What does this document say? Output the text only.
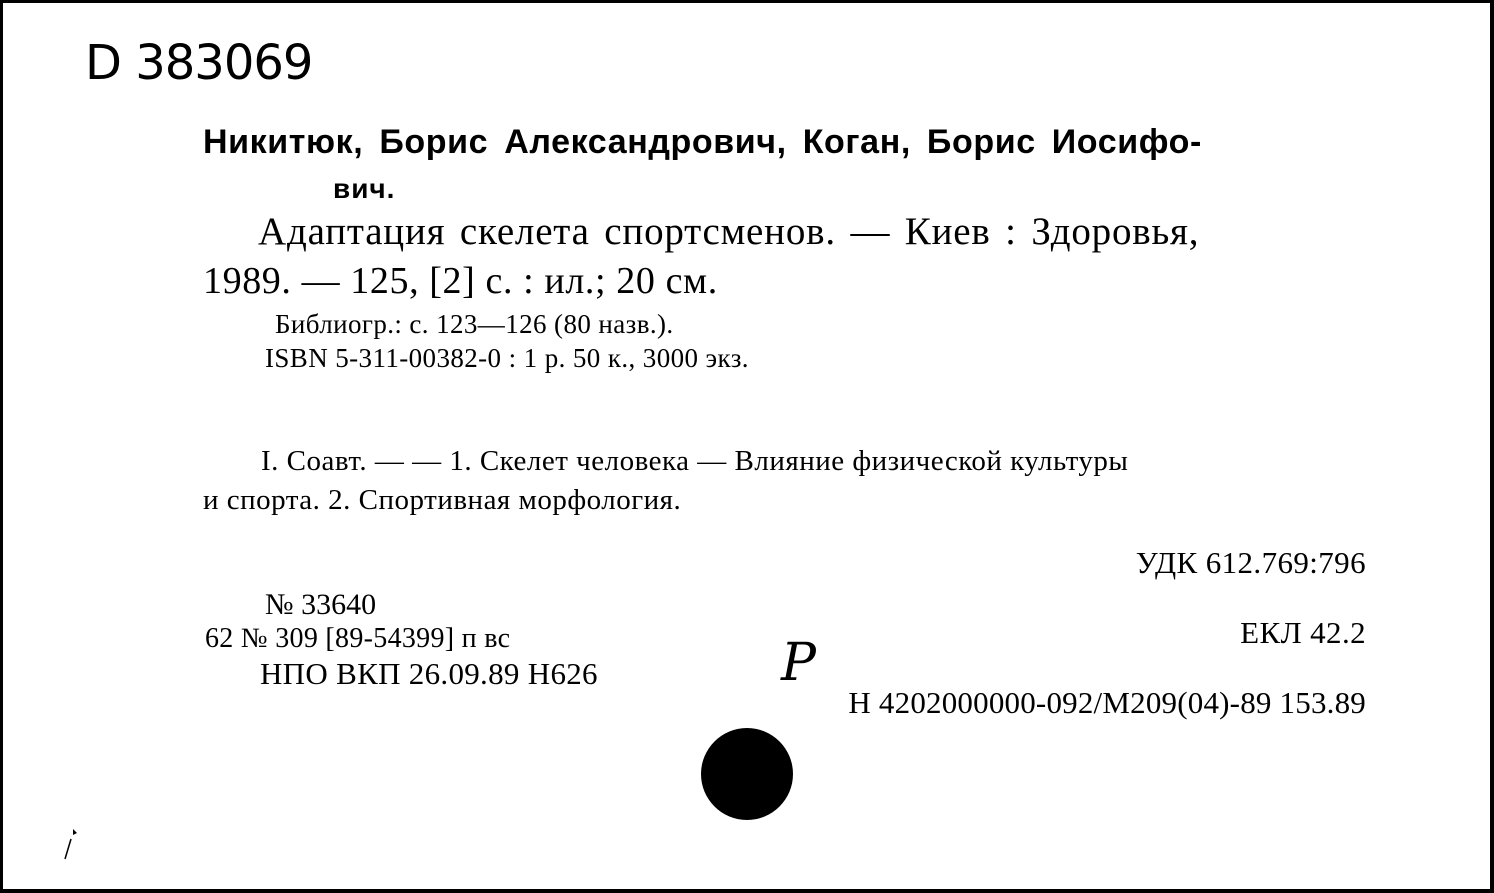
D 383069
Никитюк, Борис Александрович, Коган, Борис Иосифо-
вич.
Адаптация скелета спортсменов. — Киев : Здоровья,
1989. — 125, [2] с. : ил.; 20 см.
Библиогр.: с. 123—126 (80 назв.).
ISBN 5-311-00382-0 : 1 р. 50 к., 3000 экз.
I. Соавт. — — 1. Скелет человека — Влияние физической культуры
и спорта. 2. Спортивная морфология.
УДК 612.769:796
№ 33640
62 № 309 [89-54399] п вс
НПО ВКП 26.09.89 Н626
ЕКЛ 42.2
P
Н 4202000000-092/М209(04)-89 153.89
